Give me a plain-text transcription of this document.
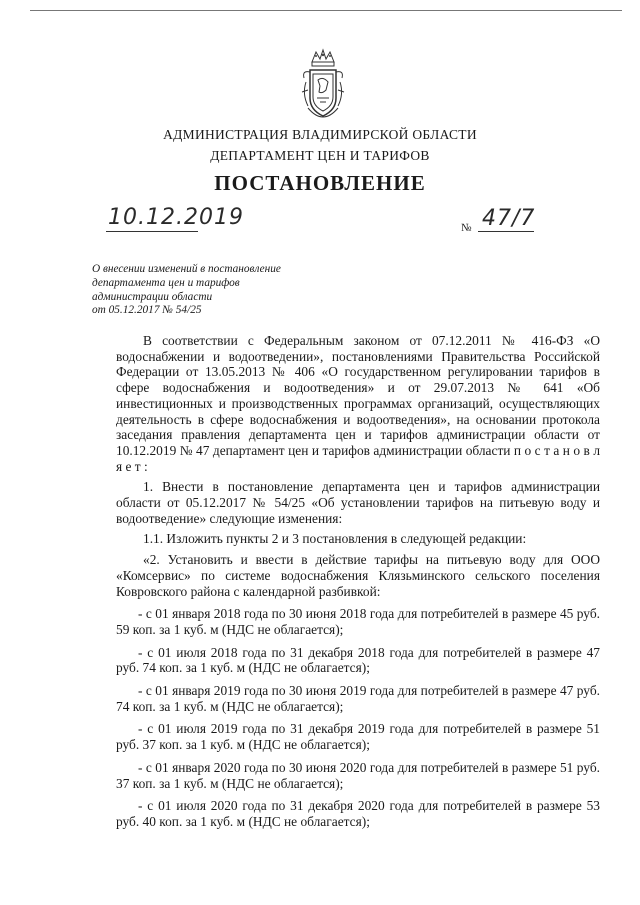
АДМИНИСТРАЦИЯ ВЛАДИМИРСКОЙ ОБЛАСТИ
ДЕПАРТАМЕНТ ЦЕН И ТАРИФОВ
ПОСТАНОВЛЕНИЕ
10.12.2019	№ 47/7
О внесении изменений в постановление
департамента цен и тарифов
администрации области
от 05.12.2017 № 54/25

В соответствии с Федеральным законом от 07.12.2011 № 416-ФЗ «О водоснабжении и водоотведении», постановлениями Правительства Российской Федерации от 13.05.2013 № 406 «О государственном регулировании тарифов в сфере водоснабжения и водоотведения» и от 29.07.2013 № 641 «Об инвестиционных и производственных программах организаций, осуществляющих деятельность в сфере водоснабжения и водоотведения», на основании протокола заседания правления департамента цен и тарифов администрации области от 10.12.2019 № 47 департамент цен и тарифов администрации области п о с т а н о в л я е т :

1. Внести в постановление департамента цен и тарифов администрации области от 05.12.2017 № 54/25 «Об установлении тарифов на питьевую воду и водоотведение» следующие изменения:

1.1. Изложить пункты 2 и 3 постановления в следующей редакции:

«2. Установить и ввести в действие тарифы на питьевую воду для ООО «Комсервис» по системе водоснабжения Клязьминского сельского поселения Ковровского района с календарной разбивкой:

- с 01 января 2018 года по 30 июня 2018 года для потребителей в размере 45 руб. 59 коп. за 1 куб. м (НДС не облагается);

- с 01 июля 2018 года по 31 декабря 2018 года для потребителей в размере 47 руб. 74 коп. за 1 куб. м (НДС не облагается);

- с 01 января 2019 года по 30 июня 2019 года для потребителей в размере 47 руб. 74 коп. за 1 куб. м (НДС не облагается);

- с 01 июля 2019 года по 31 декабря 2019 года для потребителей в размере 51 руб. 37 коп. за 1 куб. м (НДС не облагается);

- с 01 января 2020 года по 30 июня 2020 года для потребителей в размере 51 руб. 37 коп. за 1 куб. м (НДС не облагается);

- с 01 июля 2020 года по 31 декабря 2020 года для потребителей в размере 53 руб. 40 коп. за 1 куб. м (НДС не облагается);
